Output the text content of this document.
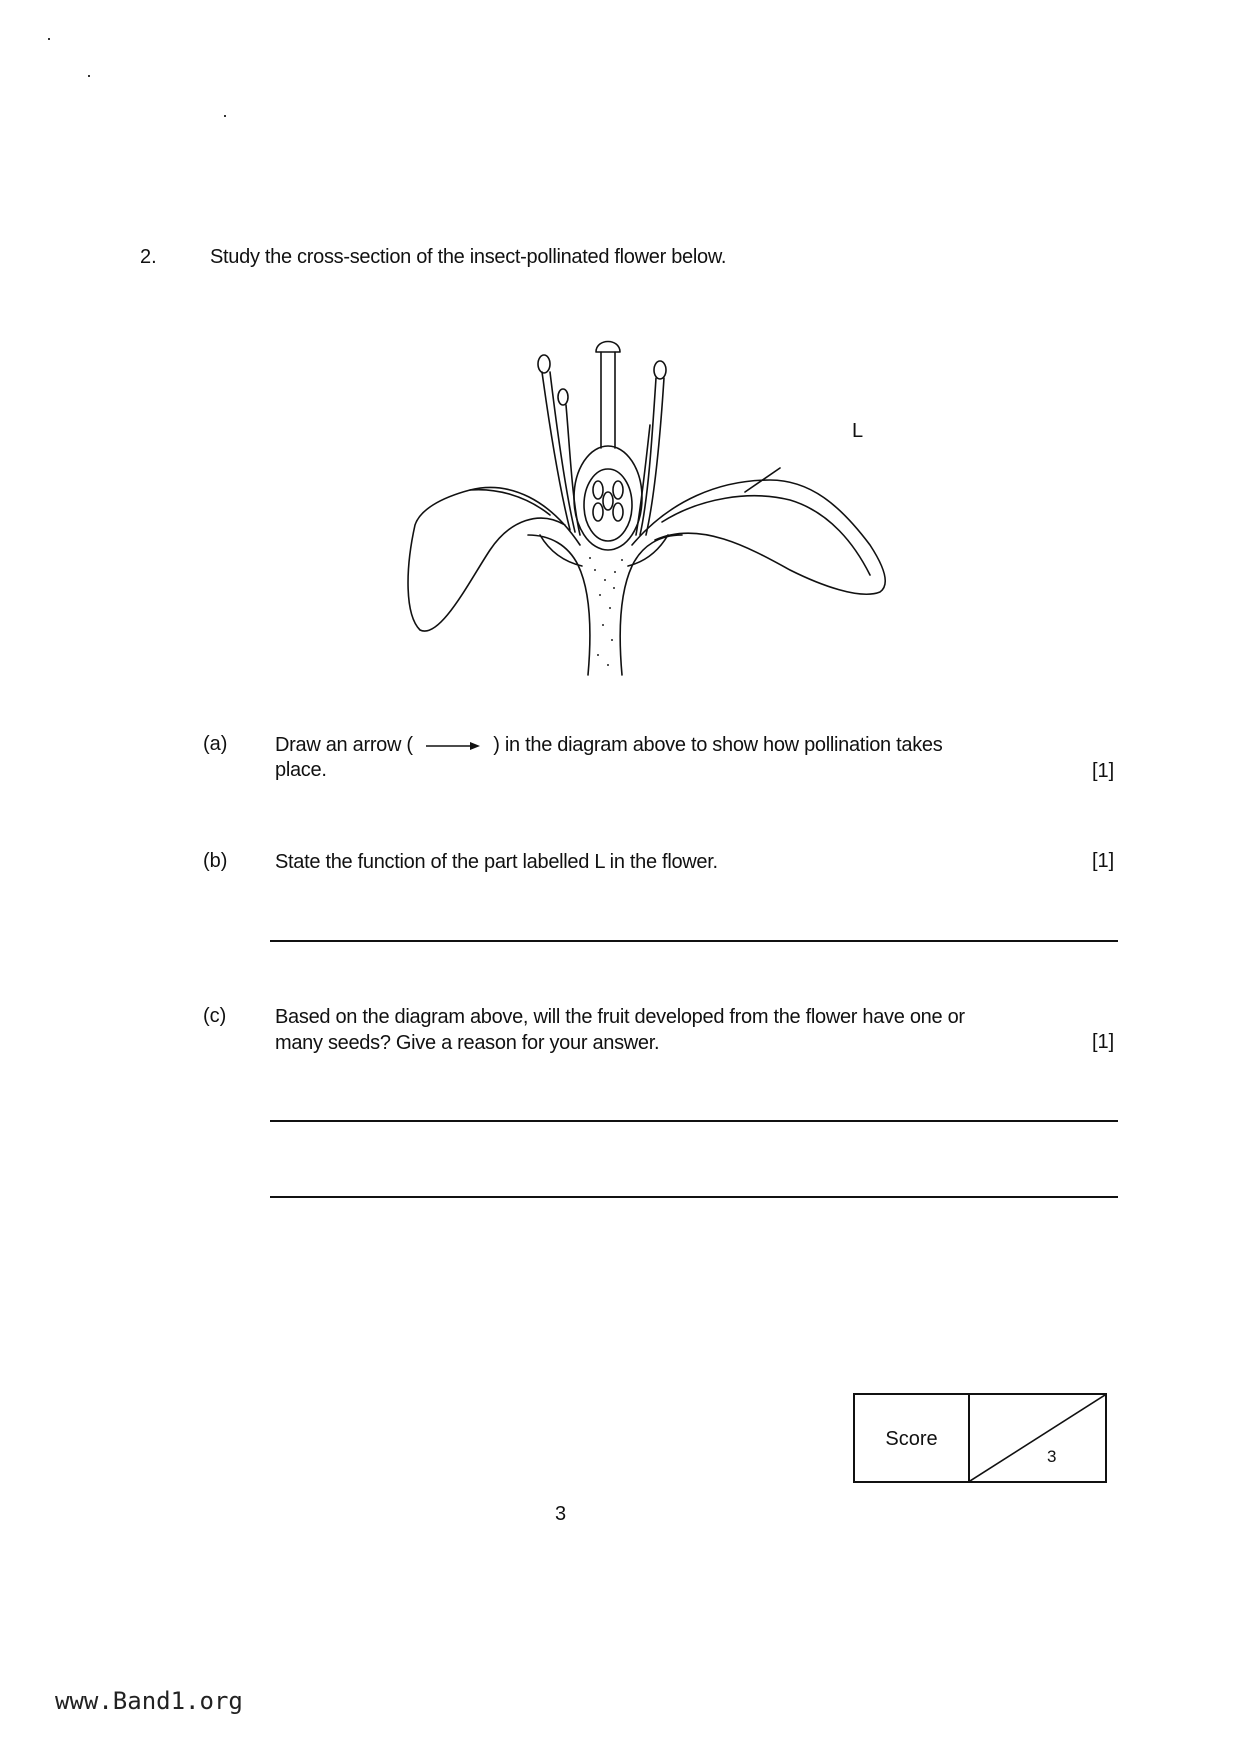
2.	Study the cross-section of the insect-pollinated flower below.
L
(a) Draw an arrow (	) in the diagram above to show how pollination takes
place.	[1]
(b) State the function of the part labelled L in the flower.	[1]
(c) Based on the diagram above, will the fruit developed from the flower have one or
many seeds? Give a reason for your answer.	[1]
Score
3
3
www.Band1.org
